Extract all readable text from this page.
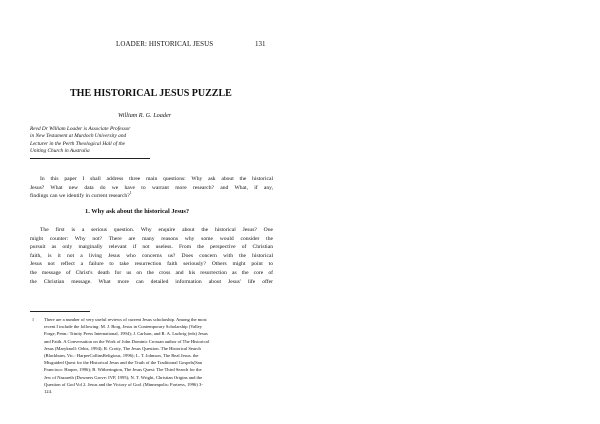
LOADER: HISTORICAL JESUS	131
THE HISTORICAL JESUS PUZZLE
William R. G. Loader
Revd Dr William Loader is Associate Professor
in New Testament at Murdoch University and
Lecturer in the Perth Theological Hall of the
Uniting Church in Australia
In this paper I shall address three main questions: Why ask about the historical
Jesus? What new data do we have to warrant more research? and What, if any,
findings can we identify in current research?$^1$
1. Why ask about the historical Jesus?
The first is a serious question. Why enquire about the historical Jesus? One
might counter: Why not? There are many reasons why some would consider the
pursuit as only marginally relevant if not useless. From the perspective of Christian
faith, is it not a living Jesus who concerns us? Does concern with the historical
Jesus not reflect a failure to take resurrection faith seriously? Others might point to
the message of Christ's death for us on the cross and his resurrection as the core of
the Christian message. What more can detailed information about Jesus' life offer
1	There are a number of very useful reviews of current Jesus scholarship. Among the most
recent I include the following: M. J. Borg, Jesus in Contemporary Scholarship (Valley
Forge, Penn.: Trinity Press International, 1994); J. Carlson, and R. A. Ludwig (eds) Jesus
and Faith. A Conversation on the Work of John Dominic Crossan author of The Historical
Jesus (Maryknoll: Orbis, 1994); R. Crotty, The Jesus Question. The Historical Search
(Blackburn, Vic.: HarperCollinsReligious, 1996); L. T. Johnson, The Real Jesus. the
Misguided Quest for the Historical Jesus and the Truth of the Traditional Gospels(San
Francisco: Harper, 1996); B. Witherington, The Jesus Quest: The Third Search for the
Jew of Nazareth (Downers Grove: IVP, 1995); N. T. Wright, Christian Origins and the
Question of God Vol 2. Jesus and the Victory of God. (Minneapolis: Fortress, 1996) 3-
124.
